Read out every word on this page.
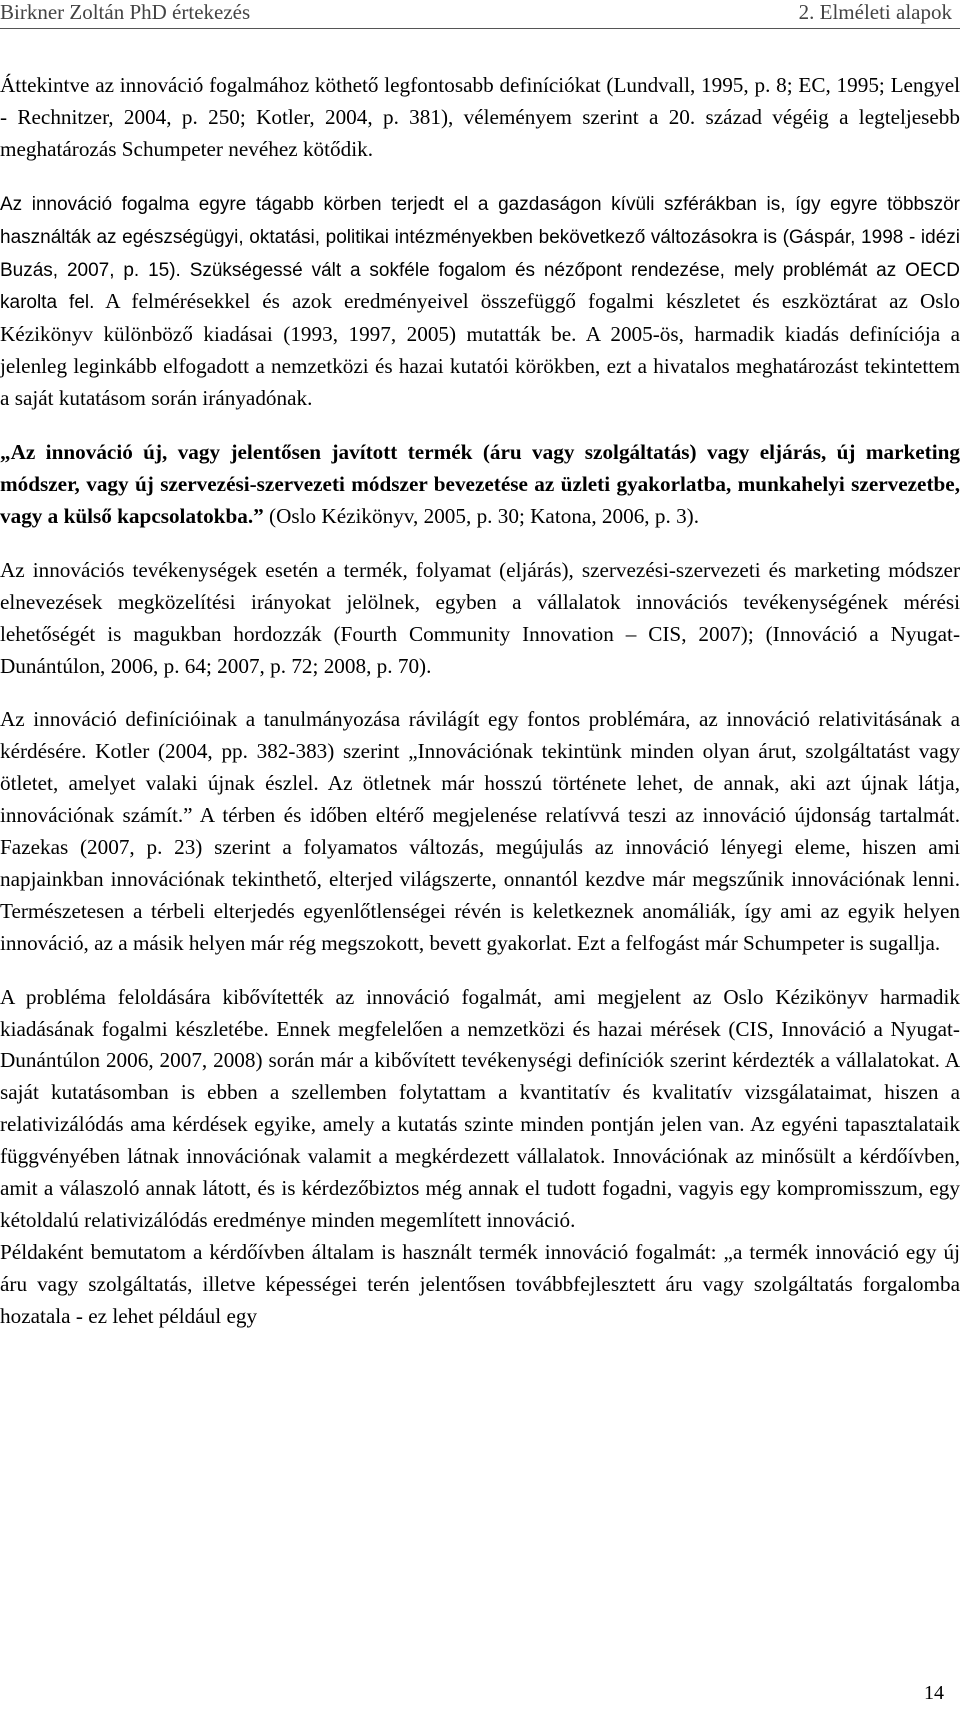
Birkner Zoltán PhD értekezés	2. Elméleti alapok

Áttekintve az innováció fogalmához köthető legfontosabb definíciókat (Lundvall, 1995, p. 8; EC, 1995; Lengyel - Rechnitzer, 2004, p. 250; Kotler, 2004, p. 381), véleményem szerint a 20. század végéig a legteljesebb meghatározás Schumpeter nevéhez kötődik.

Az innováció fogalma egyre tágabb körben terjedt el a gazdaságon kívüli szférákban is, így egyre többször használták az egészségügyi, oktatási, politikai intézményekben bekövetkező változásokra is (Gáspár, 1998 - idézi Buzás, 2007, p. 15). Szükségessé vált a sokféle fogalom és nézőpont rendezése, mely problémát az OECD karolta fel. A felmérésekkel és azok eredményeivel összefüggő fogalmi készletet és eszköztárat az Oslo Kézikönyv különböző kiadásai (1993, 1997, 2005) mutatták be. A 2005-ös, harmadik kiadás definíciója a jelenleg leginkább elfogadott a nemzetközi és hazai kutatói körökben, ezt a hivatalos meghatározást tekintettem a saját kutatásom során irányadónak.

„Az innováció új, vagy jelentősen javított termék (áru vagy szolgáltatás) vagy eljárás, új marketing módszer, vagy új szervezési-szervezeti módszer bevezetése az üzleti gyakorlatba, munkahelyi szervezetbe, vagy a külső kapcsolatokba.” (Oslo Kézikönyv, 2005, p. 30; Katona, 2006, p. 3).

Az innovációs tevékenységek esetén a termék, folyamat (eljárás), szervezési-szervezeti és marketing módszer elnevezések megközelítési irányokat jelölnek, egyben a vállalatok innovációs tevékenységének mérési lehetőségét is magukban hordozzák (Fourth Community Innovation – CIS, 2007); (Innováció a Nyugat-Dunántúlon, 2006, p. 64; 2007, p. 72; 2008, p. 70).

Az innováció definícióinak a tanulmányozása rávilágít egy fontos problémára, az innováció relativitásának a kérdésére. Kotler (2004, pp. 382-383) szerint „Innovációnak tekintünk minden olyan árut, szolgáltatást vagy ötletet, amelyet valaki újnak észlel. Az ötletnek már hosszú története lehet, de annak, aki azt újnak látja, innovációnak számít.” A térben és időben eltérő megjelenése relatívvá teszi az innováció újdonság tartalmát. Fazekas (2007, p. 23) szerint a folyamatos változás, megújulás az innováció lényegi eleme, hiszen ami napjainkban innovációnak tekinthető, elterjed világszerte, onnantól kezdve már megszűnik innovációnak lenni. Természetesen a térbeli elterjedés egyenlőtlenségei révén is keletkeznek anomáliák, így ami az egyik helyen innováció, az a másik helyen már rég megszokott, bevett gyakorlat. Ezt a felfogást már Schumpeter is sugallja.

A probléma feloldására kibővítették az innováció fogalmát, ami megjelent az Oslo Kézikönyv harmadik kiadásának fogalmi készletébe. Ennek megfelelően a nemzetközi és hazai mérések (CIS, Innováció a Nyugat-Dunántúlon 2006, 2007, 2008) során már a kibővített tevékenységi definíciók szerint kérdezték a vállalatokat. A saját kutatásomban is ebben a szellemben folytattam a kvantitatív és kvalitatív vizsgálataimat, hiszen a relativizálódás ama kérdések egyike, amely a kutatás szinte minden pontján jelen van. Az egyéni tapasztalataik függvényében látnak innovációnak valamit a megkérdezett vállalatok. Innovációnak az minősült a kérdőívben, amit a válaszoló annak látott, és is kérdezőbiztos még annak el tudott fogadni, vagyis egy kompromisszum, egy kétoldalú relativizálódás eredménye minden megemlített innováció.

Példaként bemutatom a kérdőívben általam is használt termék innováció fogalmát: „a termék innováció egy új áru vagy szolgáltatás, illetve képességei terén jelentősen továbbfejlesztett áru vagy szolgáltatás forgalomba hozatala - ez lehet például egy

14
